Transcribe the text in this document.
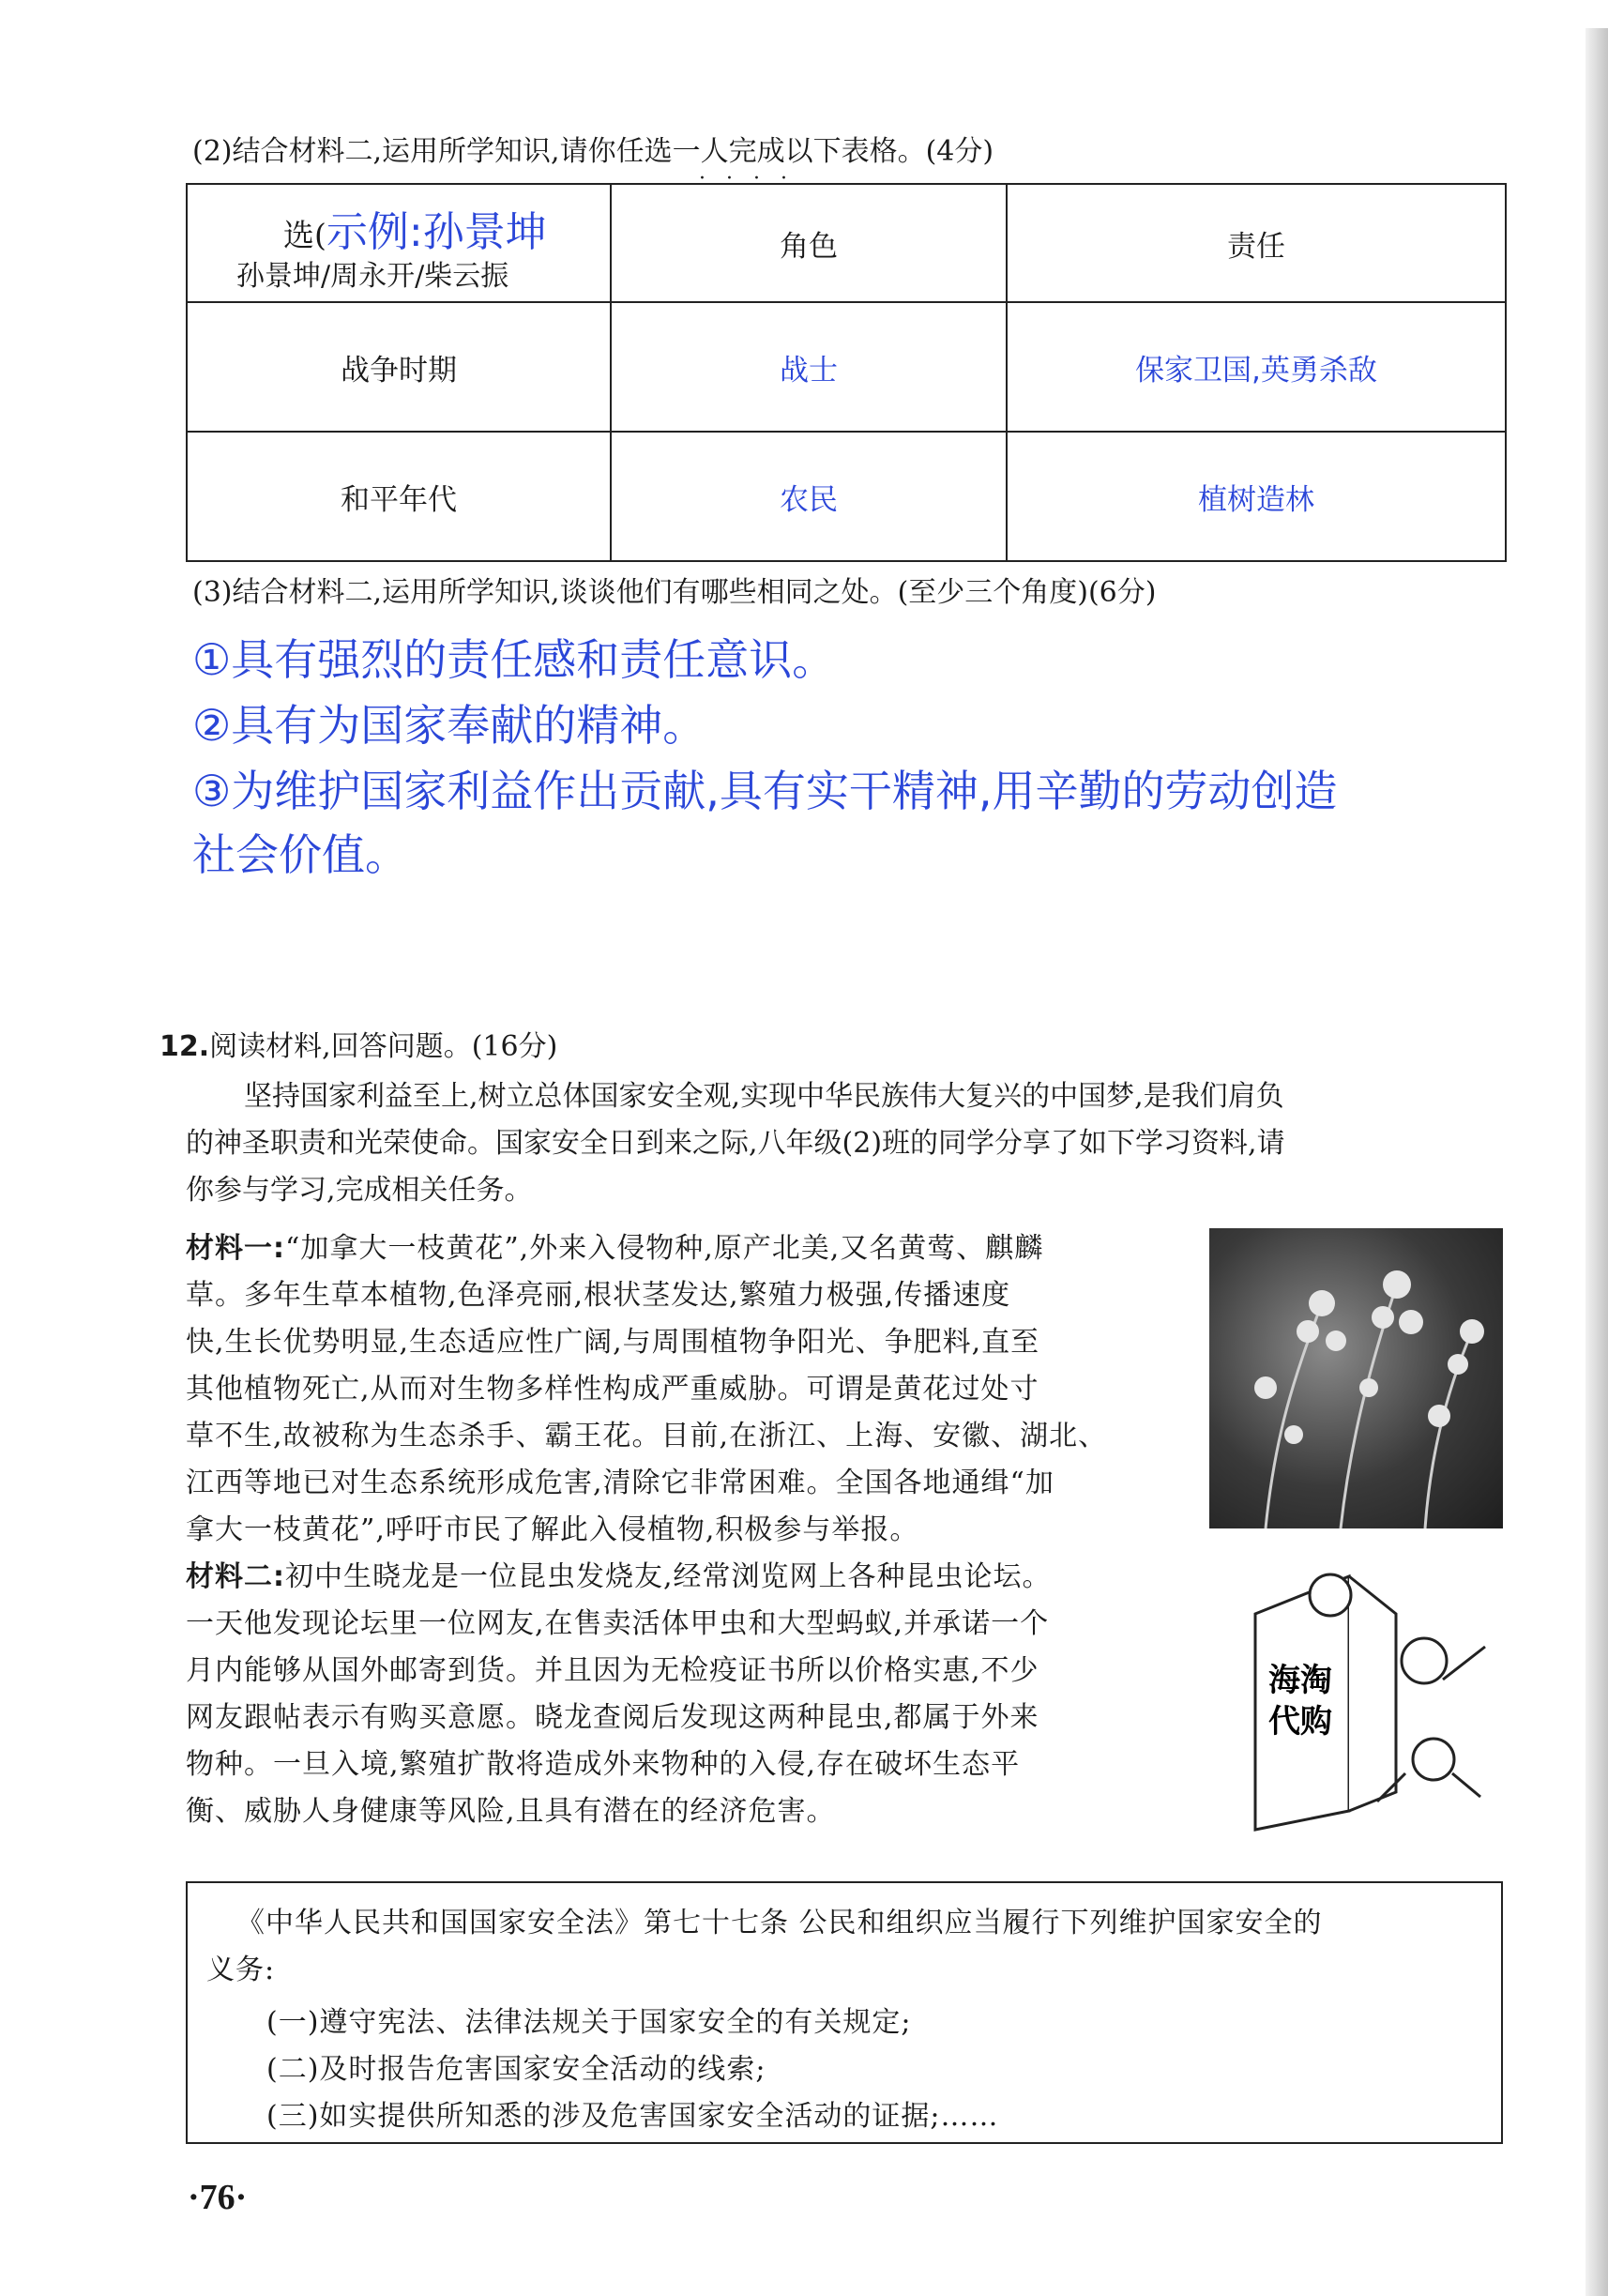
(2)结合材料二,运用所学知识,请你任选一人完成以下表格。(4分)
····
选(示例:孙景坤
孙景坤/周永开/柴云振	角色	责任
战争时期	战士	保家卫国,英勇杀敌
和平年代	农民	植树造林
(3)结合材料二,运用所学知识,谈谈他们有哪些相同之处。(至少三个角度)(6分)
①具有强烈的责任感和责任意识。
②具有为国家奉献的精神。
③为维护国家利益作出贡献,具有实干精神,用辛勤的劳动创造
社会价值。
12.阅读材料,回答问题。(16分)
坚持国家利益至上,树立总体国家安全观,实现中华民族伟大复兴的中国梦,是我们肩负
的神圣职责和光荣使命。国家安全日到来之际,八年级(2)班的同学分享了如下学习资料,请
你参与学习,完成相关任务。
材料一:“加拿大一枝黄花”,外来入侵物种,原产北美,又名黄莺、麒麟
草。多年生草本植物,色泽亮丽,根状茎发达,繁殖力极强,传播速度
快,生长优势明显,生态适应性广阔,与周围植物争阳光、争肥料,直至
其他植物死亡,从而对生物多样性构成严重威胁。可谓是黄花过处寸
草不生,故被称为生态杀手、霸王花。目前,在浙江、上海、安徽、湖北、
江西等地已对生态系统形成危害,清除它非常困难。全国各地通缉“加
拿大一枝黄花”,呼吁市民了解此入侵植物,积极参与举报。
材料二:初中生晓龙是一位昆虫发烧友,经常浏览网上各种昆虫论坛。
一天他发现论坛里一位网友,在售卖活体甲虫和大型蚂蚁,并承诺一个
月内能够从国外邮寄到货。并且因为无检疫证书所以价格实惠,不少
网友跟帖表示有购买意愿。晓龙查阅后发现这两种昆虫,都属于外来
物种。一旦入境,繁殖扩散将造成外来物种的入侵,存在破坏生态平
衡、威胁人身健康等风险,且具有潜在的经济危害。
海淘
代购
《中华人民共和国国家安全法》第七十七条 公民和组织应当履行下列维护国家安全的
义务:
(一)遵守宪法、法律法规关于国家安全的有关规定;
(二)及时报告危害国家安全活动的线索;
(三)如实提供所知悉的涉及危害国家安全活动的证据;……
·76·
